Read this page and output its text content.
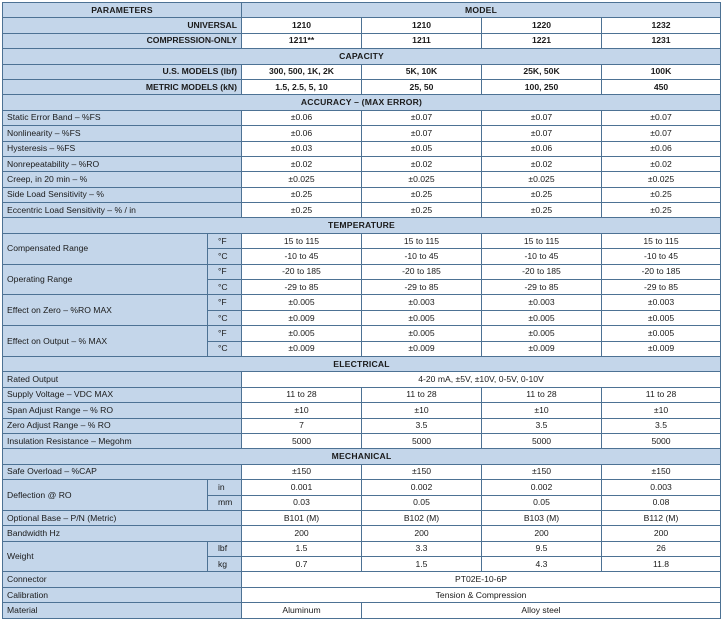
PARAMETERS		MODEL			
UNIVERSAL		1210	1210	1220	1232
COMPRESSION-ONLY		1211**	1211	1221	1231
CAPACITY					
U.S. MODELS (lbf)		300, 500, 1K, 2K	5K, 10K	25K, 50K	100K
METRIC MODELS (kN)		1.5, 2.5, 5, 10	25, 50	100, 250	450
ACCURACY – (MAX ERROR)					
Static Error Band – %FS		±0.06	±0.07	±0.07	±0.07
Nonlinearity – %FS		±0.06	±0.07	±0.07	±0.07
Hysteresis – %FS		±0.03	±0.05	±0.06	±0.06
Nonrepeatability – %RO		±0.02	±0.02	±0.02	±0.02
Creep, in 20 min – %		±0.025	±0.025	±0.025	±0.025
Side Load Sensitivity – %		±0.25	±0.25	±0.25	±0.25
Eccentric Load Sensitivity – % / in		±0.25	±0.25	±0.25	±0.25
TEMPERATURE					
Compensated Range	°F	15 to 115	15 to 115	15 to 115	15 to 115
	°C	-10 to 45	-10 to 45	-10 to 45	-10 to 45
Operating Range	°F	-20 to 185	-20 to 185	-20 to 185	-20 to 185
	°C	-29 to 85	-29 to 85	-29 to 85	-29 to 85
Effect on Zero – %RO MAX	°F	±0.005	±0.003	±0.003	±0.003
	°C	±0.009	±0.005	±0.005	±0.005
Effect on Output – % MAX	°F	±0.005	±0.005	±0.005	±0.005
	°C	±0.009	±0.009	±0.009	±0.009
ELECTRICAL					
Rated Output		4-20 mA, ±5V, ±10V, 0-5V, 0-10V			
Supply Voltage – VDC MAX		11 to 28	11 to 28	11 to 28	11 to 28
Span Adjust Range – % RO		±10	±10	±10	±10
Zero Adjust Range – % RO		7	3.5	3.5	3.5
Insulation Resistance – Megohm		5000	5000	5000	5000
MECHANICAL					
Safe Overload – %CAP		±150	±150	±150	±150
Deflection @ RO	in	0.001	0.002	0.002	0.003
	mm	0.03	0.05	0.05	0.08
Optional Base – P/N (Metric)		B101 (M)	B102 (M)	B103 (M)	B112 (M)
Bandwidth Hz		200	200	200	200
Weight	lbf	1.5	3.3	9.5	26
	kg	0.7	1.5	4.3	11.8
Connector		PT02E-10-6P			
Calibration		Tension & Compression			
Material		Aluminum	Alloy steel		
